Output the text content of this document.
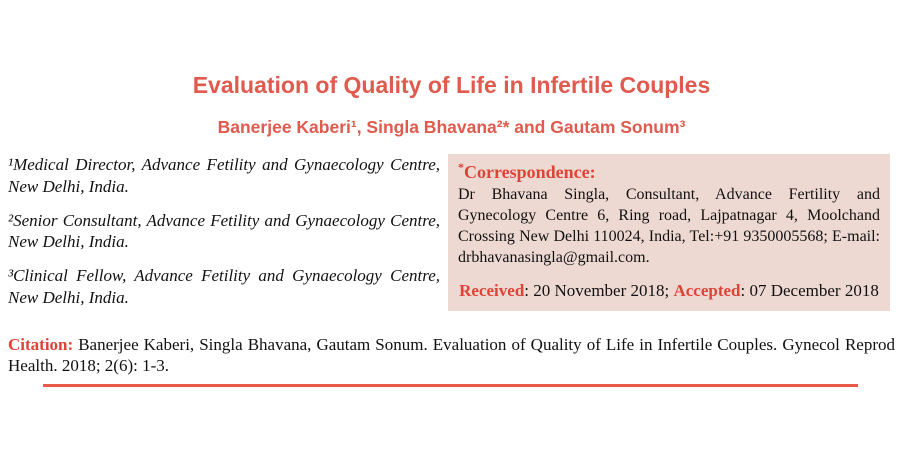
Evaluation of Quality of Life in Infertile Couples
Banerjee Kaberi¹, Singla Bhavana²* and Gautam Sonum³

¹Medical Director, Advance Fetility and Gynaecology Centre, New Delhi, India.

²Senior Consultant, Advance Fetility and Gynaecology Centre, New Delhi, India.

³Clinical Fellow, Advance Fetility and Gynaecology Centre, New Delhi, India.

*Correspondence:

Dr Bhavana Singla, Consultant, Advance Fertility and Gynecology Centre 6, Ring road, Lajpatnagar 4, Moolchand Crossing New Delhi 110024, India, Tel:+91 9350005568; E-mail: drbhavanasingla@gmail.com.

Received: 20 November 2018; Accepted: 07 December 2018

Citation: Banerjee Kaberi, Singla Bhavana, Gautam Sonum. Evaluation of Quality of Life in Infertile Couples. Gynecol Reprod Health. 2018; 2(6): 1-3.
